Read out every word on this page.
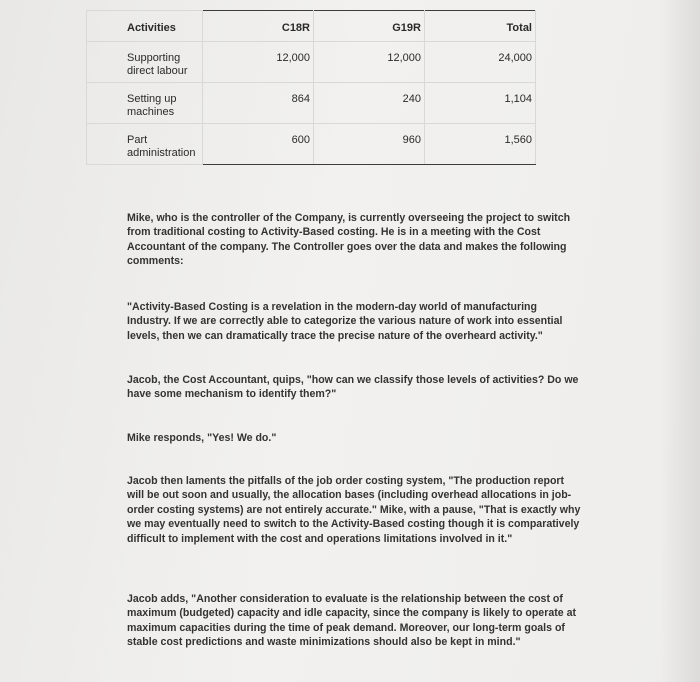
Activities	C18R	G19R	Total

Supporting direct labour	12,000	12,000	24,000

Setting up machines	864	240	1,104

Part administration	600	960	1,560
Mike, who is the controller of the Company, is currently overseeing the project to switch from traditional costing to Activity-Based costing. He is in a meeting with the Cost Accountant of the company. The Controller goes over the data and makes the following comments:
"Activity-Based Costing is a revelation in the modern-day world of manufacturing Industry. If we are correctly able to categorize the various nature of work into essential levels, then we can dramatically trace the precise nature of the overheard activity."
Jacob, the Cost Accountant, quips, "how can we classify those levels of activities? Do we have some mechanism to identify them?"
Mike responds, "Yes! We do."
Jacob then laments the pitfalls of the job order costing system, "The production report will be out soon and usually, the allocation bases (including overhead allocations in job-order costing systems) are not entirely accurate." Mike, with a pause, "That is exactly why we may eventually need to switch to the Activity-Based costing though it is comparatively difficult to implement with the cost and operations limitations involved in it."
Jacob adds, "Another consideration to evaluate is the relationship between the cost of maximum (budgeted) capacity and idle capacity, since the company is likely to operate at maximum capacities during the time of peak demand. Moreover, our long-term goals of stable cost predictions and waste minimizations should also be kept in mind."
